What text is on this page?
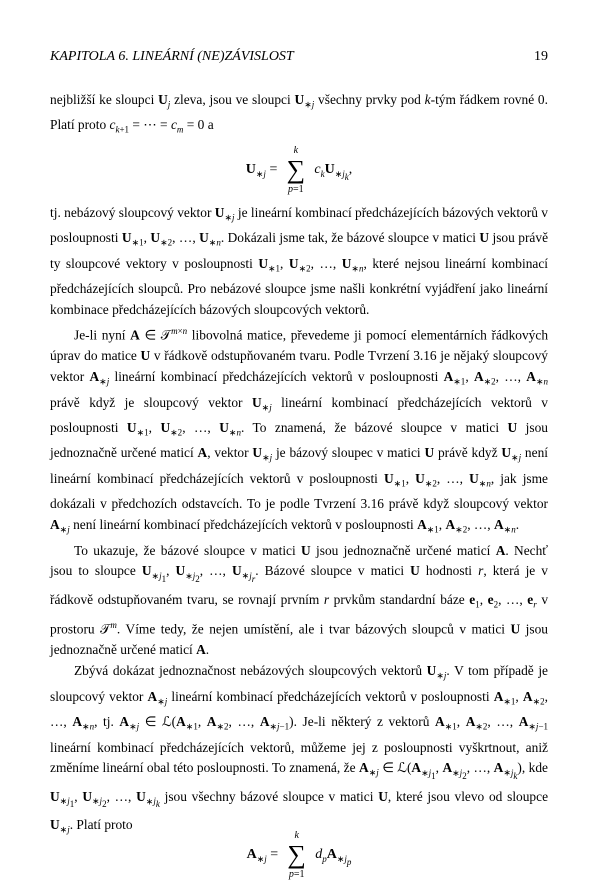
KAPITOLA 6. LINEÁRNÍ (NE)ZÁVISLOST	19

nejbližší ke sloupci $U_j$ zleva, jsou ve sloupci $U_{∗j}$ všechny prvky pod k-tým řádkem rovné 0. Platí proto $c_{k+1}$ = ⋯ = $c_m = 0$ a

$U_{∗j}$ =
k
∑
p=1
$c_kU_{∗j_k}$,

tj. nebázový sloupcový vektor $U_{∗j}$ je lineární kombinací předcházejících bázových vektorů v posloupnosti $U_{∗1}$, $U_{∗2}$, …, $U_{∗n}$. Dokázali jsme tak, že bázové sloupce v matici U jsou právě ty sloupcové vektory v posloupnosti $U_{∗1}$, $U_{∗2}$, …, $U_{∗n}$, které nejsou lineární kombinací předcházejících sloupců. Pro nebázové sloupce jsme našli konkrétní vyjádření jako lineární kombinace předcházejících bázových sloupcových vektorů.

Je-li nyní A ∈ 𝒯$^{m\times n}$ libovolná matice, převedeme ji pomocí elementárních řádkových úprav do matice U v řádkově odstupňovaném tvaru. Podle Tvrzení 3.16 je nějaký sloupcový vektor $A_{∗j}$ lineární kombinací předcházejících vektorů v posloupnosti $A_{∗1}$, $A_{∗2}$, …, $A_{∗n}$ právě když je sloupcový vektor $U_{∗j}$ lineární kombinací předcházejících vektorů v posloupnosti $U_{∗1}$, $U_{∗2}$, …, $U_{∗n}$. To znamená, že bázové sloupce v matici U jsou jednoznačně určené maticí A, vektor $U_{∗j}$ je bázový sloupec v matici U právě když $U_{∗j}$ není lineární kombinací předcházejících vektorů v posloupnosti $U_{∗1}$, $U_{∗2}$, …, $U_{∗n}$, jak jsme dokázali v předchozích odstavcích. To je podle Tvrzení 3.16 právě když sloupcový vektor $A_{∗j}$ není lineární kombinací předcházejících vektorů v posloupnosti $A_{∗1}$, $A_{∗2}$, …, $A_{∗n}$.

To ukazuje, že bázové sloupce v matici U jsou jednoznačně určené maticí A. Nechť jsou to sloupce $U_{∗j_1}$, $U_{∗j_2}$, …, $U_{∗j_r}$. Bázové sloupce v matici U hodnosti r, která je v řádkově odstupňovaném tvaru, se rovnají prvním r prvkům standardní báze $e_1$, $e_2$, …, $e_r$ v prostoru 𝒯$^m$. Víme tedy, že nejen umístění, ale i tvar bázových sloupců v matici U jsou jednoznačně určené maticí A.

Zbývá dokázat jednoznačnost nebázových sloupcových vektorů $U_{∗j}$. V tom případě je sloupcový vektor $A_{∗j}$ lineární kombinací předcházejících vektorů v posloupnosti $A_{∗1}$, $A_{∗2}$, …, $A_{∗n}$, tj. $A_{∗j}$ ∈ $ℒ(A_{∗1}$, $A_{∗2}$, …, $A_{∗j-1}$). Je-li některý z vektorů $A_{∗1}$, $A_{∗2}$, …, $A_{∗j-1}$ lineární kombinací předcházejících vektorů, můžeme jej z posloupnosti vyškrtnout, aniž změníme lineární obal této posloupnosti. To znamená, že $A_{∗j}$ ∈ $ℒ(A_{∗j_1}$, $A_{∗j_2}$, …, $A_{∗j_k}$), kde $U_{∗j_1}$, $U_{∗j_2}$, …, $U_{∗j_k}$ jsou všechny bázové sloupce v matici U, které jsou vlevo od sloupce $U_{∗j}$. Platí proto

$A_{∗j}$ =
k
∑
p=1
$d_pA_{∗j_p}$
